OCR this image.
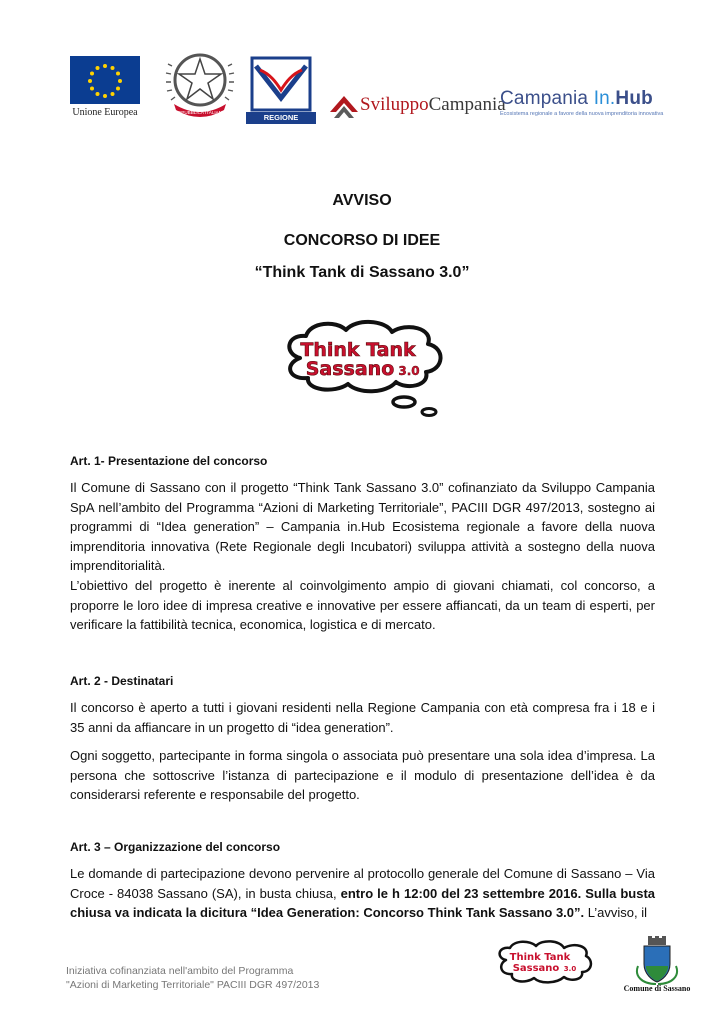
Unione Europea	REPUBBLICA ITALIANA
REGIONE CAMPANIA
SviluppoCampania
Campania In.Hub
Ecosistema regionale a favore della nuova imprenditoria innovativa
AVVISO
CONCORSO DI IDEE
“Think Tank di Sassano 3.0”
Think Tank
Sassano 3.0
Art. 1- Presentazione del concorso
Il Comune di Sassano con il progetto “Think Tank Sassano 3.0” cofinanziato da Sviluppo Campania SpA nell’ambito del Programma “Azioni di Marketing Territoriale”, PACIII DGR 497/2013, sostegno ai programmi di “Idea generation” – Campania in.Hub Ecosistema regionale a favore della nuova imprenditoria innovativa (Rete Regionale degli Incubatori) sviluppa attività a sostegno della nuova imprenditorialità.
L’obiettivo del progetto è inerente al coinvolgimento ampio di giovani chiamati, col concorso, a proporre le loro idee di impresa creative e innovative per essere affiancati, da un team di esperti, per verificare la fattibilità tecnica, economica, logistica e di mercato.
Art. 2 - Destinatari
Il concorso è aperto a tutti i giovani residenti nella Regione Campania con età compresa fra i 18 e i 35 anni da affiancare in un progetto di “idea generation”.
Ogni soggetto, partecipante in forma singola o associata può presentare una sola idea d’impresa. La persona che sottoscrive l’istanza di partecipazione e il modulo di presentazione dell’idea è da considerarsi referente e responsabile del progetto.
Art. 3 – Organizzazione del concorso
Le domande di partecipazione devono pervenire al protocollo generale del Comune di Sassano – Via Croce - 84038 Sassano (SA), in busta chiusa, entro le h 12:00 del 23 settembre 2016. Sulla busta chiusa va indicata la dicitura “Idea Generation: Concorso Think Tank Sassano 3.0”. L’avviso, il
Iniziativa cofinanziata nell'ambito del Programma
"Azioni di Marketing Territoriale" PACIII DGR 497/2013
Think Tank
Sassano 3.0
Comune di Sassano
